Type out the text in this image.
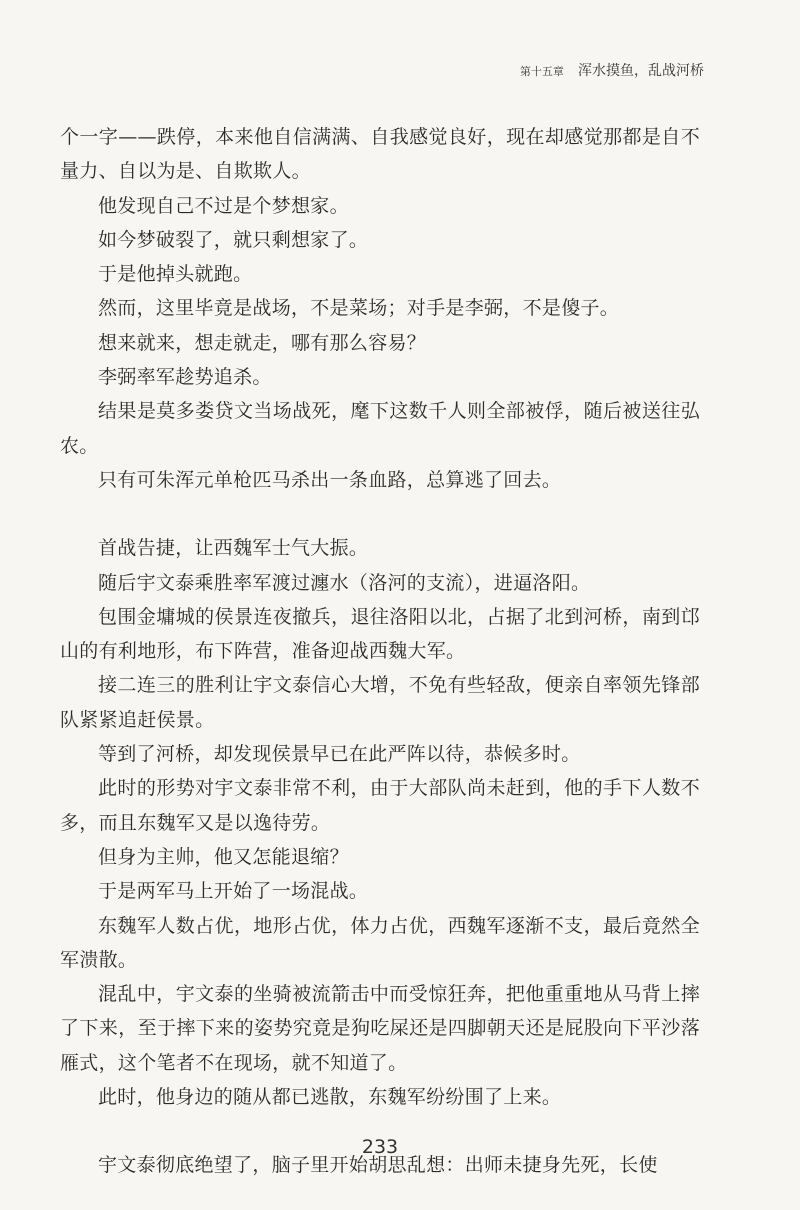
第十五章 浑水摸鱼，乱战河桥

个一字——跌停，本来他自信满满、自我感觉良好，现在却感觉那都是自不量力、自以为是、自欺欺人。

他发现自己不过是个梦想家。

如今梦破裂了，就只剩想家了。

于是他掉头就跑。

然而，这里毕竟是战场，不是菜场；对手是李弼，不是傻子。

想来就来，想走就走，哪有那么容易？

李弼率军趁势追杀。

结果是莫多娄贷文当场战死，麾下这数千人则全部被俘，随后被送往弘农。

只有可朱浑元单枪匹马杀出一条血路，总算逃了回去。

首战告捷，让西魏军士气大振。

随后宇文泰乘胜率军渡过瀍水（洛河的支流），进逼洛阳。

包围金墉城的侯景连夜撤兵，退往洛阳以北，占据了北到河桥，南到邙山的有利地形，布下阵营，准备迎战西魏大军。

接二连三的胜利让宇文泰信心大增，不免有些轻敌，便亲自率领先锋部队紧紧追赶侯景。

等到了河桥，却发现侯景早已在此严阵以待，恭候多时。

此时的形势对宇文泰非常不利，由于大部队尚未赶到，他的手下人数不多，而且东魏军又是以逸待劳。

但身为主帅，他又怎能退缩？

于是两军马上开始了一场混战。

东魏军人数占优，地形占优，体力占优，西魏军逐渐不支，最后竟然全军溃散。

混乱中，宇文泰的坐骑被流箭击中而受惊狂奔，把他重重地从马背上摔了下来，至于摔下来的姿势究竟是狗吃屎还是四脚朝天还是屁股向下平沙落雁式，这个笔者不在现场，就不知道了。

此时，他身边的随从都已逃散，东魏军纷纷围了上来。

宇文泰彻底绝望了，脑子里开始胡思乱想：出师未捷身先死，长使

233
